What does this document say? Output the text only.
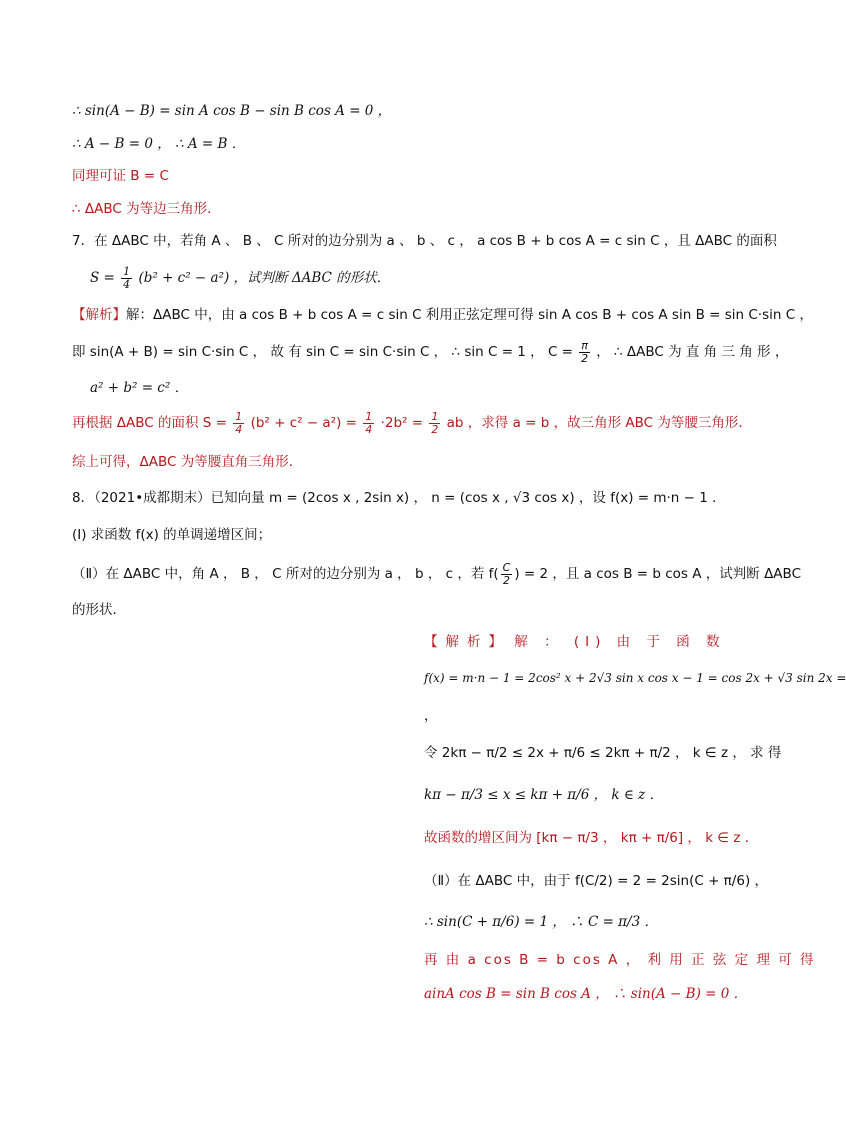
∴ sin(A − B) = sin A cos B − sin B cos A = 0 ，
∴ A − B = 0 ， ∴ A = B ．
同理可证 B = C
∴ ΔABC 为等边三角形．
7．在 ΔABC 中，若角 A 、 B 、 C 所对的边分别为 a 、 b 、 c ， a cos B + b cos A = c sin C ，且 ΔABC 的面积
$S = \frac{1}{4} (b^2 + c^2 - a^2)$ ，试判断 ΔABC 的形状．
【解析】解：ΔABC 中，由 a cos B + b cos A = c sin C 利用正弦定理可得 sin A cos B + cos A sin B = sin C·sin C ，
即 sin(A + B) = sin C·sin C ， 故 有 sin C = sin C·sin C ， ∴ sin C = 1 ， $C = \frac{\pi}{2}$ ， ∴ ΔABC 为 直 角 三 角 形 ，
a² + b² = c² ．
再根据 ΔABC 的面积 $S = \frac{1}{4} (b^2 + c^2 - a^2) = \frac{1}{4} \cdot 2b^2 = \frac{1}{2}$ ab ，求得 a = b ，故三角形 ABC 为等腰三角形．
综上可得，ΔABC 为等腰直角三角形．
8．（2021•成都期末）已知向量 m = (2cos x , 2sin x) ， n = (cos x , √3 cos x) ，设 f(x) = m·n − 1 ．
(I) 求函数 f(x) 的单调递增区间；
（Ⅱ）在 ΔABC 中，角 A ， B ， C 所对的边分别为 a ， b ， c ，若 $f( \frac{C}{2}$ ) = 2 ，且 a cos B = b cos A ，试判断 ΔABC
的形状．
【解析】 解 ： (I) 由 于 函 数
f(x) = m·n − 1 = 2cos² x + 2√3 sin x cos x − 1 = cos 2x + √3 sin 2x =
，
令 2kπ − π/2 ≤ 2x + π/6 ≤ 2kπ + π/2 ， k ∈ z ， 求 得
kπ − π/3 ≤ x ≤ kπ + π/6 ， k ∈ z ．
故函数的增区间为 [kπ − π/3 ， kπ + π/6] ， k ∈ z ．
（Ⅱ）在 ΔABC 中，由于 f(C/2) = 2 = 2sin(C + π/6) ，
∴ sin(C + π/6) = 1 ， ∴ C = π/3 ．
再 由 a cos B = b cos A ， 利 用 正 弦 定 理 可 得
ainA cos B = sin B cos A ， ∴ sin(A − B) = 0 ．
